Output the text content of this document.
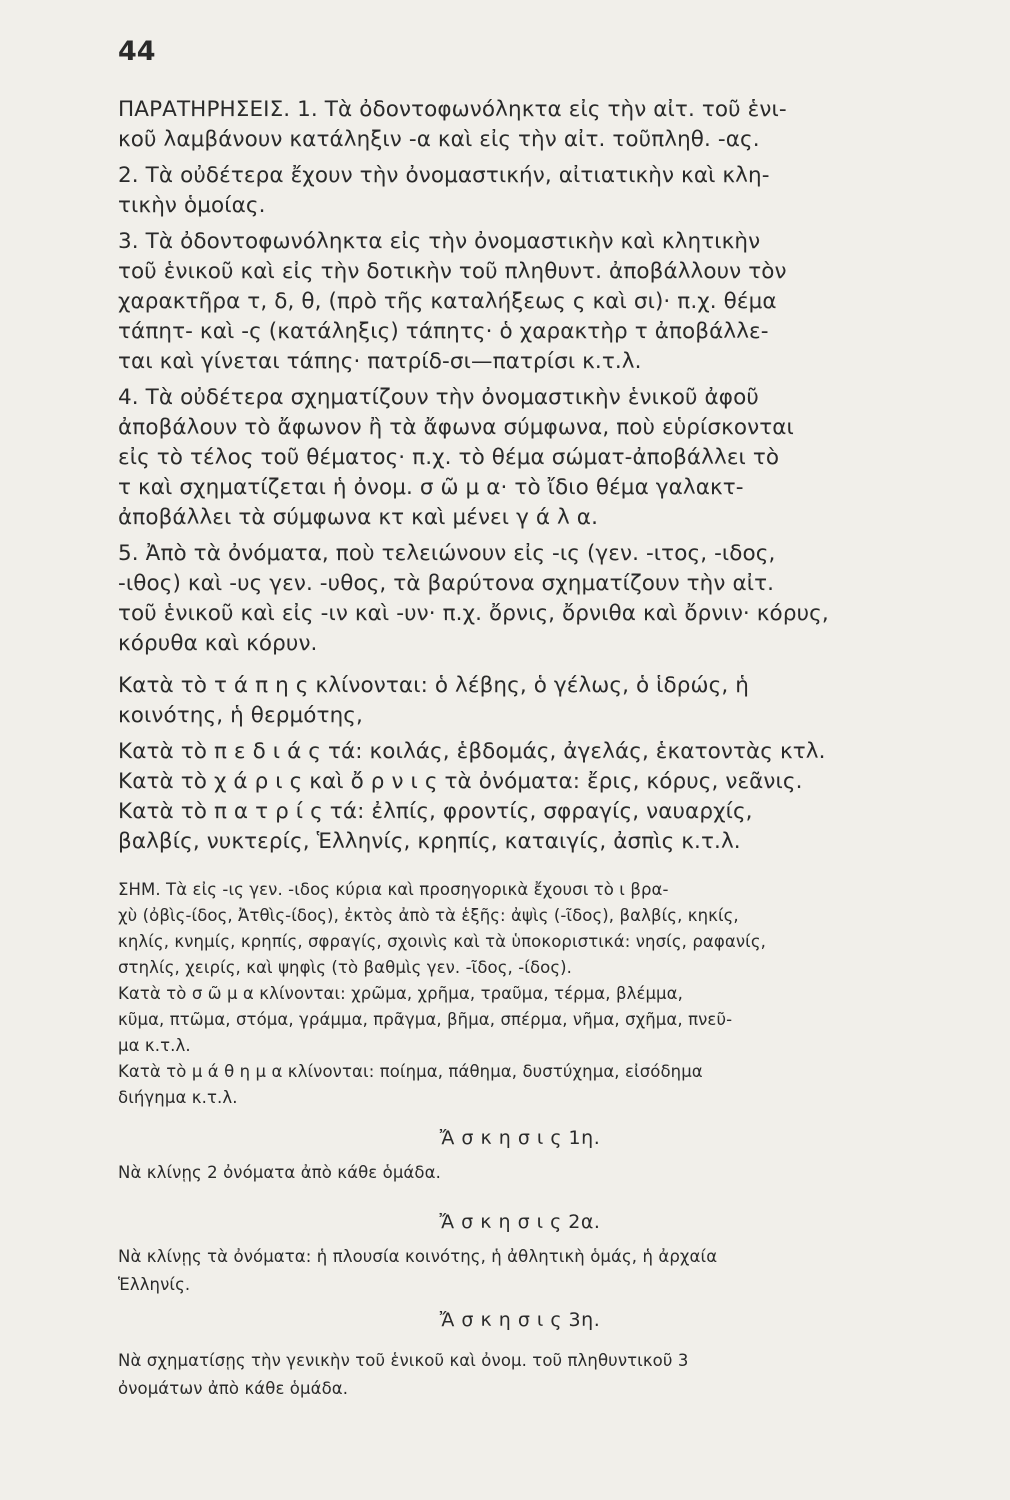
44
ΠΑΡΑΤΗΡΗΣΕΙΣ. 1. Τὰ ὀδοντοφωνόληκτα εἰς τὴν αἰτ. τοῦ ἑνι-
κοῦ λαμβάνουν κατάληξιν -α καὶ εἰς τὴν αἰτ. τοῦπληθ. -ας.
2. Τὰ οὐδέτερα ἔχουν τὴν ὀνομαστικήν, αἰτιατικὴν καὶ κλη-
τικὴν ὁμοίας.
3. Τὰ ὀδοντοφωνόληκτα εἰς τὴν ὀνομαστικὴν καὶ κλητικὴν
τοῦ ἑνικοῦ καὶ εἰς τὴν δοτικὴν τοῦ πληθυντ. ἀποβάλλουν τὸν
χαρακτῆρα τ, δ, θ, (πρὸ τῆς καταλήξεως ς καὶ σι)· π.χ. θέμα
τάπητ- καὶ -ς (κατάληξις) τάπητς· ὁ χαρακτὴρ τ ἀποβάλλε-
ται καὶ γίνεται τάπης· πατρίδ-σι—πατρίσι κ.τ.λ.
4. Τὰ οὐδέτερα σχηματίζουν τὴν ὀνομαστικὴν ἑνικοῦ ἀφοῦ
ἀποβάλουν τὸ ἄφωνον ἢ τὰ ἄφωνα σύμφωνα, ποὺ εὑρίσκονται
εἰς τὸ τέλος τοῦ θέματος· π.χ. τὸ θέμα σώματ-ἀποβάλλει τὸ
τ καὶ σχηματίζεται ἡ ὀνομ. σ ῶ μ α· τὸ ἴδιο θέμα γαλακτ-
ἀποβάλλει τὰ σύμφωνα κτ καὶ μένει γ ά λ α.
5. Ἀπὸ τὰ ὀνόματα, ποὺ τελειώνουν εἰς -ις (γεν. -ιτος, -ιδος,
-ιθος) καὶ -υς γεν. -υθος, τὰ βαρύτονα σχηματίζουν τὴν αἰτ.
τοῦ ἑνικοῦ καὶ εἰς -ιν καὶ -υν· π.χ. ὄρνις, ὄρνιθα καὶ ὄρνιν· κόρυς,
κόρυθα καὶ κόρυν.
Κατὰ τὸ τ ά π η ς κλίνονται: ὁ λέβης, ὁ γέλως, ὁ ἱδρώς, ἡ
κοινότης, ἡ θερμότης,
Κατὰ τὸ π ε δ ι ά ς τά: κοιλάς, ἑβδομάς, ἀγελάς, ἑκατοντὰς κτλ.
Κατὰ τὸ χ ά ρ ι ς καὶ ὄ ρ ν ι ς τὰ ὀνόματα: ἔρις, κόρυς, νεᾶνις.
Κατὰ τὸ π α τ ρ ί ς τά: ἐλπίς, φροντίς, σφραγίς, ναυαρχίς,
βαλβίς, νυκτερίς, Ἑλληνίς, κρηπίς, καταιγίς, ἀσπὶς κ.τ.λ.
ΣΗΜ. Τὰ εἰς -ις γεν. -ιδος κύρια καὶ προσηγορικὰ ἔχουσι τὸ ι βρα-
χὺ (ὀβὶς-ίδος, Ἀτθὶς-ίδος), ἐκτὸς ἀπὸ τὰ ἑξῆς: ἀψὶς (-ῖδος), βαλβίς, κηκίς,
κηλίς, κνημίς, κρηπίς, σφραγίς, σχοινὶς καὶ τὰ ὑποκοριστικά: νησίς, ραφανίς,
στηλίς, χειρίς, καὶ ψηφὶς (τὸ βαθμὶς γεν. -ῖδος, -ίδος).
Κατὰ τὸ σ ῶ μ α κλίνονται: χρῶμα, χρῆμα, τραῦμα, τέρμα, βλέμμα,
κῦμα, πτῶμα, στόμα, γράμμα, πρᾶγμα, βῆμα, σπέρμα, νῆμα, σχῆμα, πνεῦ-
μα κ.τ.λ.
Κατὰ τὸ μ ά θ η μ α κλίνονται: ποίημα, πάθημα, δυστύχημα, εἰσόδημα
διήγημα κ.τ.λ.
Ἄ σ κ η σ ι ς 1η.
Νὰ κλίνῃς 2 ὀνόματα ἀπὸ κάθε ὁμάδα.
Ἄ σ κ η σ ι ς 2α.
Νὰ κλίνῃς τὰ ὀνόματα: ἡ πλουσία κοινότης, ἡ ἀθλητικὴ ὁμάς, ἡ ἀρχαία
Ἑλληνίς.
Ἄ σ κ η σ ι ς 3η.
Νὰ σχηματίσῃς τὴν γενικὴν τοῦ ἑνικοῦ καὶ ὀνομ. τοῦ πληθυντικοῦ 3
ὀνομάτων ἀπὸ κάθε ὁμάδα.
